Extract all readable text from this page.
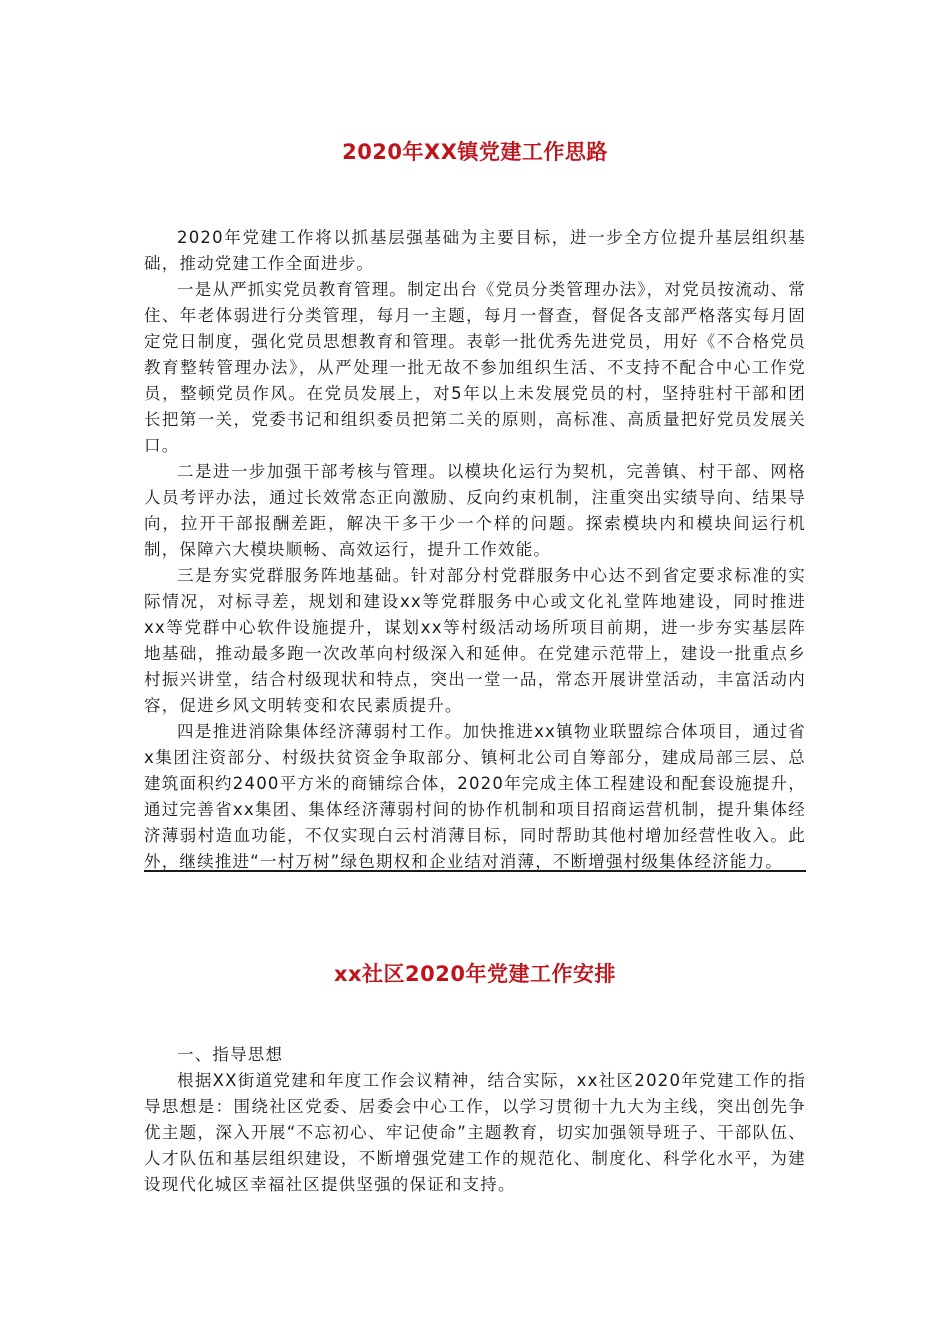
2020年XX镇党建工作思路

2020年党建工作将以抓基层强基础为主要目标，进一步全方位提升基层组织基础，推动党建工作全面进步。

一是从严抓实党员教育管理。制定出台《党员分类管理办法》，对党员按流动、常住、年老体弱进行分类管理，每月一主题，每月一督查，督促各支部严格落实每月固定党日制度，强化党员思想教育和管理。表彰一批优秀先进党员，用好《不合格党员教育整转管理办法》，从严处理一批无故不参加组织生活、不支持不配合中心工作党员，整顿党员作风。在党员发展上，对5年以上未发展党员的村，坚持驻村干部和团长把第一关，党委书记和组织委员把第二关的原则，高标准、高质量把好党员发展关口。

二是进一步加强干部考核与管理。以模块化运行为契机，完善镇、村干部、网格人员考评办法，通过长效常态正向激励、反向约束机制，注重突出实绩导向、结果导向，拉开干部报酬差距，解决干多干少一个样的问题。探索模块内和模块间运行机制，保障六大模块顺畅、高效运行，提升工作效能。

三是夯实党群服务阵地基础。针对部分村党群服务中心达不到省定要求标准的实际情况，对标寻差，规划和建设xx等党群服务中心或文化礼堂阵地建设，同时推进xx等党群中心软件设施提升，谋划xx等村级活动场所项目前期，进一步夯实基层阵地基础，推动最多跑一次改革向村级深入和延伸。在党建示范带上，建设一批重点乡村振兴讲堂，结合村级现状和特点，突出一堂一品，常态开展讲堂活动，丰富活动内容，促进乡风文明转变和农民素质提升。

四是推进消除集体经济薄弱村工作。加快推进xx镇物业联盟综合体项目，通过省x集团注资部分、村级扶贫资金争取部分、镇柯北公司自筹部分，建成局部三层、总建筑面积约2400平方米的商铺综合体，2020年完成主体工程建设和配套设施提升，通过完善省xx集团、集体经济薄弱村间的协作机制和项目招商运营机制，提升集体经济薄弱村造血功能，不仅实现白云村消薄目标，同时帮助其他村增加经营性收入。此外，继续推进“一村万树”绿色期权和企业结对消薄，不断增强村级集体经济能力。

xx社区2020年党建工作安排

一、指导思想

根据XX街道党建和年度工作会议精神，结合实际，xx社区2020年党建工作的指导思想是：围绕社区党委、居委会中心工作，以学习贯彻十九大为主线，突出创先争优主题，深入开展“不忘初心、牢记使命”主题教育，切实加强领导班子、干部队伍、人才队伍和基层组织建设，不断增强党建工作的规范化、制度化、科学化水平，为建设现代化城区幸福社区提供坚强的保证和支持。
